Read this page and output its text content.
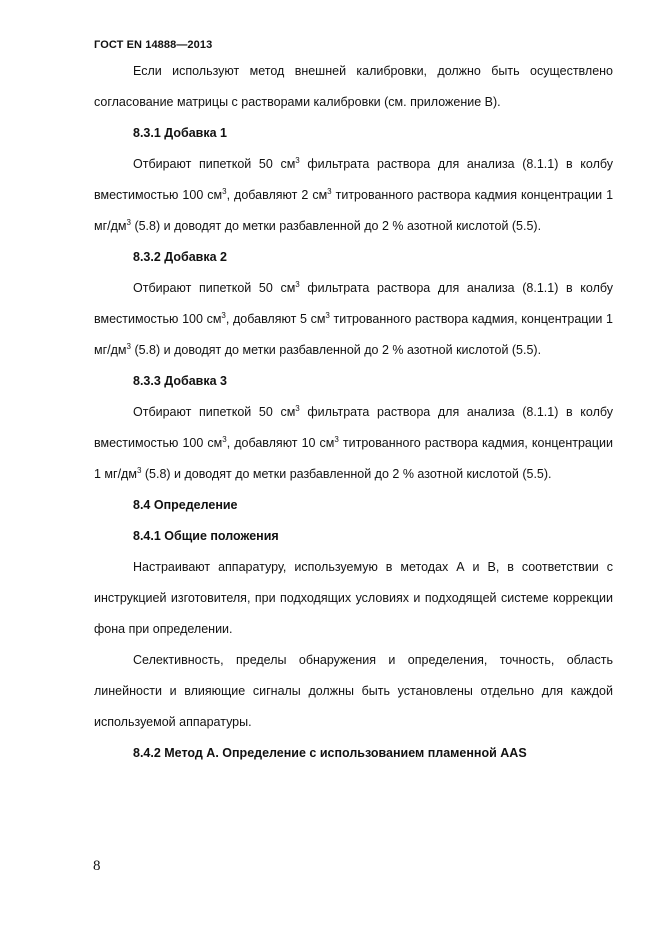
ГОСТ EN 14888—2013

Если используют метод внешней калибровки, должно быть осуществлено согласование матрицы с растворами калибровки (см. приложение В).

8.3.1 Добавка 1

Отбирают пипеткой 50 $см^3$ фильтрата раствора для анализа (8.1.1) в колбу вместимостью 100 $см^3$, добавляют 2 $см^3$ титрованного раствора кадмия концентрации 1 $мг/дм^3$ (5.8) и доводят до метки разбавленной до 2 % азотной кислотой (5.5).

8.3.2 Добавка 2

Отбирают пипеткой 50 $см^3$ фильтрата раствора для анализа (8.1.1) в колбу вместимостью 100 $см^3$, добавляют 5 $см^3$ титрованного раствора кадмия, концентрации 1 $мг/дм^3$ (5.8) и доводят до метки разбавленной до 2 % азотной кислотой (5.5).

8.3.3 Добавка 3

Отбирают пипеткой 50 $см^3$ фильтрата раствора для анализа (8.1.1) в колбу вместимостью 100 $см^3$, добавляют 10 $см^3$ титрованного раствора кадмия, концентрации 1 $мг/дм^3$ (5.8) и доводят до метки разбавленной до 2 % азотной кислотой (5.5).

8.4 Определение

8.4.1 Общие положения

Настраивают аппаратуру, используемую в методах А и В, в соответствии с инструкцией изготовителя, при подходящих условиях и подходящей системе коррекции фона при определении.

Селективность, пределы обнаружения и определения, точность, область линейности и влияющие сигналы должны быть установлены отдельно для каждой используемой аппаратуры.

8.4.2 Метод А. Определение с использованием пламенной AAS

8
